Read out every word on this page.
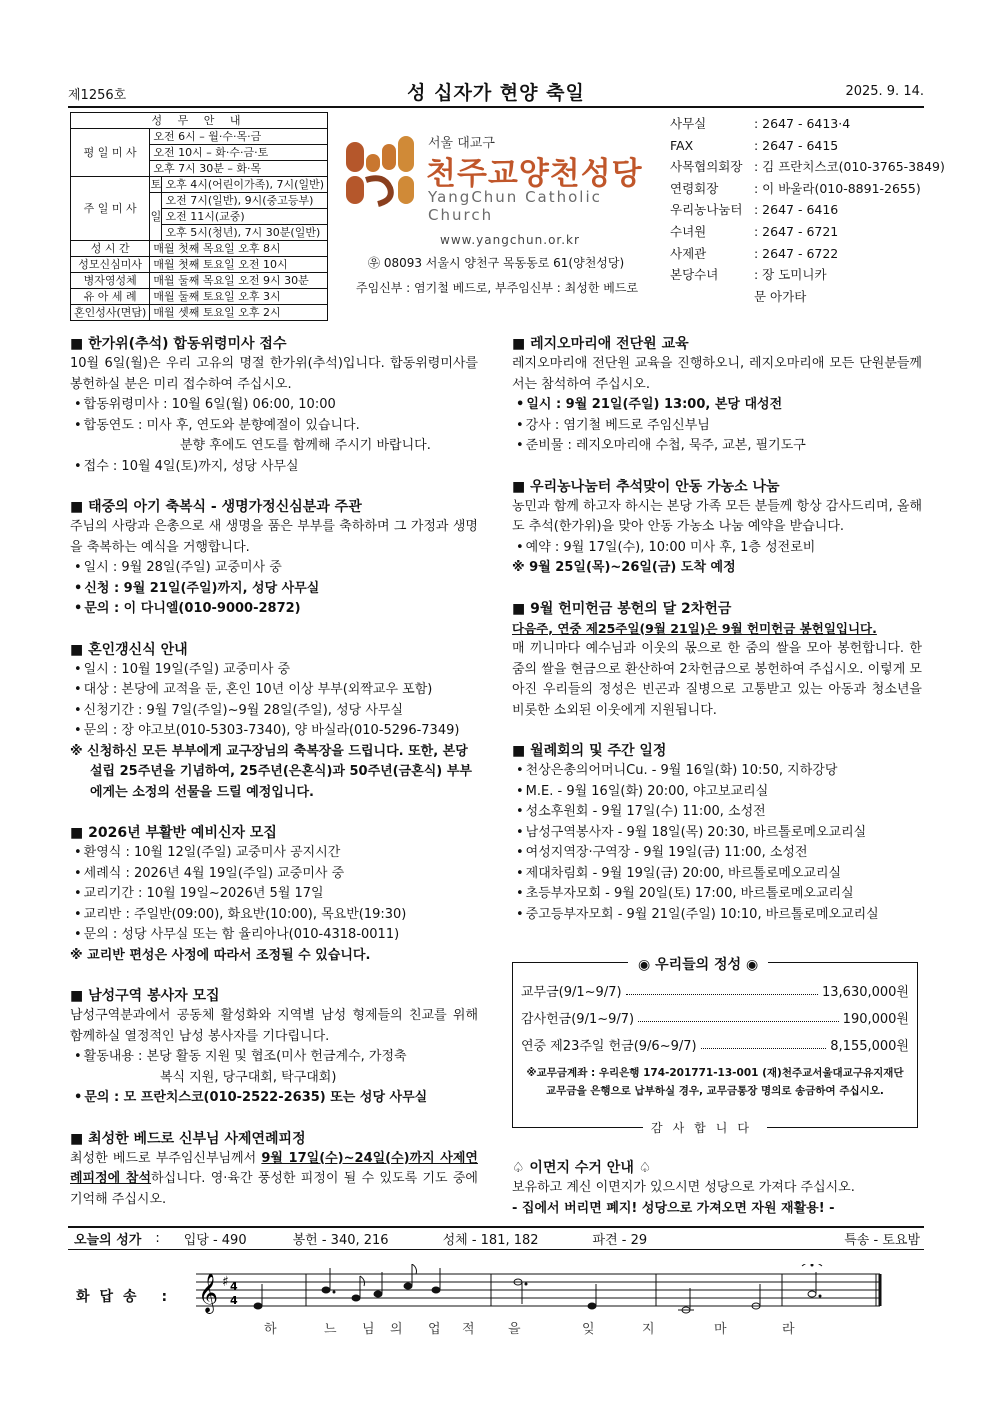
제1256호	성 십자가 현양 축일	2025. 9. 14.
성 무 안 내		
평 일 미 사	오전 6시 – 월·수·목·금	
	오전 10시 – 화·수·금·토	
	오후 7시 30분 – 화·목	
주 일 미 사	토	오후 4시(어린이가족), 7시(일반)
	일	오전 7시(일반), 9시(중고등부)
		오전 11시(교중)
		오후 5시(청년), 7시 30분(일반)
성 시 간	매월 첫째 목요일 오후 8시	
성모신심미사	매월 첫째 토요일 오전 10시	
병자영성체	매월 둘째 목요일 오전 9시 30분	
유 아 세 례	매월 둘째 토요일 오후 3시	
혼인성사(면담)	매월 셋째 토요일 오후 2시	
서울 대교구
천주교양천성당
YangChun Catholic Church
www.yangchun.or.kr
㉾ 08093 서울시 양천구 목동동로 61(양천성당)
주임신부 : 염기철 베드로, 부주임신부 : 최성한 베드로
사무실	: 2647 - 6413·4
FAX	: 2647 - 6415
사목협의회장 : 김 프란치스코(010-3765-3849)
연령회장	: 이 바울라(010-8891-2655)
우리농나눔터 : 2647 - 6416
수녀원	: 2647 - 6721
사제관	: 2647 - 6722
본당수녀	: 장 도미니카
문 아가타
■ 한가위(추석) 합동위령미사 접수
10월 6일(월)은 우리 고유의 명절 한가위(추석)입니다. 합동위령미사를 봉헌하실 분은 미리 접수하여 주십시오.
• 합동위령미사 : 10월 6일(월) 06:00, 10:00
• 합동연도 : 미사 후, 연도와 분향예절이 있습니다.
분향 후에도 연도를 함께해 주시기 바랍니다.
• 접수 : 10월 4일(토)까지, 성당 사무실
■ 태중의 아기 축복식 - 생명가정신심분과 주관
주님의 사랑과 은총으로 새 생명을 품은 부부를 축하하며 그 가정과 생명을 축복하는 예식을 거행합니다.
• 일시 : 9월 28일(주일) 교중미사 중
• 신청 : 9월 21일(주일)까지, 성당 사무실
• 문의 : 이 다니엘(010-9000-2872)
■ 혼인갱신식 안내
• 일시 : 10월 19일(주일) 교중미사 중
• 대상 : 본당에 교적을 둔, 혼인 10년 이상 부부(외짝교우 포함)
• 신청기간 : 9월 7일(주일)~9월 28일(주일), 성당 사무실
• 문의 : 장 야고보(010-5303-7340), 양 바실라(010-5296-7349)
※ 신청하신 모든 부부에게 교구장님의 축복장을 드립니다. 또한, 본당설립 25주년을 기념하여, 25주년(은혼식)과 50주년(금혼식) 부부에게는 소정의 선물을 드릴 예정입니다.
■ 2026년 부활반 예비신자 모집
• 환영식 : 10월 12일(주일) 교중미사 공지시간
• 세례식 : 2026년 4월 19일(주일) 교중미사 중
• 교리기간 : 10월 19일~2026년 5월 17일
• 교리반 : 주일반(09:00), 화요반(10:00), 목요반(19:30)
• 문의 : 성당 사무실 또는 함 율리아나(010-4318-0011)
※ 교리반 편성은 사정에 따라서 조정될 수 있습니다.
■ 남성구역 봉사자 모집
남성구역분과에서 공동체 활성화와 지역별 남성 형제들의 친교를 위해 함께하실 열정적인 남성 봉사자를 기다립니다.
• 활동내용 : 본당 활동 지원 및 협조(미사 헌금계수, 가정축
복식 지원, 당구대회, 탁구대회)
• 문의 : 모 프란치스코(010-2522-2635) 또는 성당 사무실
■ 최성한 베드로 신부님 사제연례피정
최성한 베드로 부주임신부님께서 9월 17일(수)~24일(수)까지 사제연례피정에 참석하십니다. 영·육간 풍성한 피정이 될 수 있도록 기도 중에 기억해 주십시오.
■ 레지오마리애 전단원 교육
레지오마리애 전단원 교육을 진행하오니, 레지오마리애 모든 단원분들께서는 참석하여 주십시오.
• 일시 : 9월 21일(주일) 13:00, 본당 대성전
• 강사 : 염기철 베드로 주임신부님
• 준비물 : 레지오마리애 수첩, 묵주, 교본, 필기도구
■ 우리농나눔터 추석맞이 안동 가농소 나눔
농민과 함께 하고자 하시는 본당 가족 모든 분들께 항상 감사드리며, 올해도 추석(한가위)을 맞아 안동 가농소 나눔 예약을 받습니다.
• 예약 : 9월 17일(수), 10:00 미사 후, 1층 성전로비
※ 9월 25일(목)~26일(금) 도착 예정
■ 9월 헌미헌금 봉헌의 달 2차헌금
다음주, 연중 제25주일(9월 21일)은 9월 헌미헌금 봉헌일입니다.
매 끼니마다 예수님과 이웃의 몫으로 한 줌의 쌀을 모아 봉헌합니다. 한 줌의 쌀을 현금으로 환산하여 2차헌금으로 봉헌하여 주십시오. 이렇게 모아진 우리들의 정성은 빈곤과 질병으로 고통받고 있는 아동과 청소년을 비롯한 소외된 이웃에게 지원됩니다.
■ 월례회의 및 주간 일정
• 천상은총의어머니Cu. - 9월 16일(화) 10:50, 지하강당
• M.E. - 9월 16일(화) 20:00, 야고보교리실
• 성소후원회 - 9월 17일(수) 11:00, 소성전
• 남성구역봉사자 - 9월 18일(목) 20:30, 바르톨로메오교리실
• 여성지역장·구역장 - 9월 19일(금) 11:00, 소성전
• 제대차림회 - 9월 19일(금) 20:00, 바르톨로메오교리실
• 초등부자모회 - 9월 20일(토) 17:00, 바르톨로메오교리실
• 중고등부자모회 - 9월 21일(주일) 10:10, 바르톨로메오교리실
◉ 우리들의 정성 ◉
교무금(9/1~9/7)	13,630,000원
감사헌금(9/1~9/7)	190,000원
연중 제23주일 헌금(9/6~9/7)	8,155,000원
※교무금계좌 : 우리은행 174-201771-13-001 (재)천주교서울대교구유지재단
교무금을 은행으로 납부하실 경우, 교무금통장 명의로 송금하여 주십시오.
감사합니다
♤ 이면지 수거 안내 ♤
보유하고 계신 이면지가 있으시면 성당으로 가져다 주십시오.
- 집에서 버리면 폐지! 성당으로 가져오면 자원 재활용! -
오늘의 성가 : 입당 - 490	봉헌 - 340, 216	성체 - 181, 182	파견 - 29	특송 - 토요밤
화답송 : 𝄞 ♯ 4
4
하	느 님 의 업 적	을	잊	지	마	라
